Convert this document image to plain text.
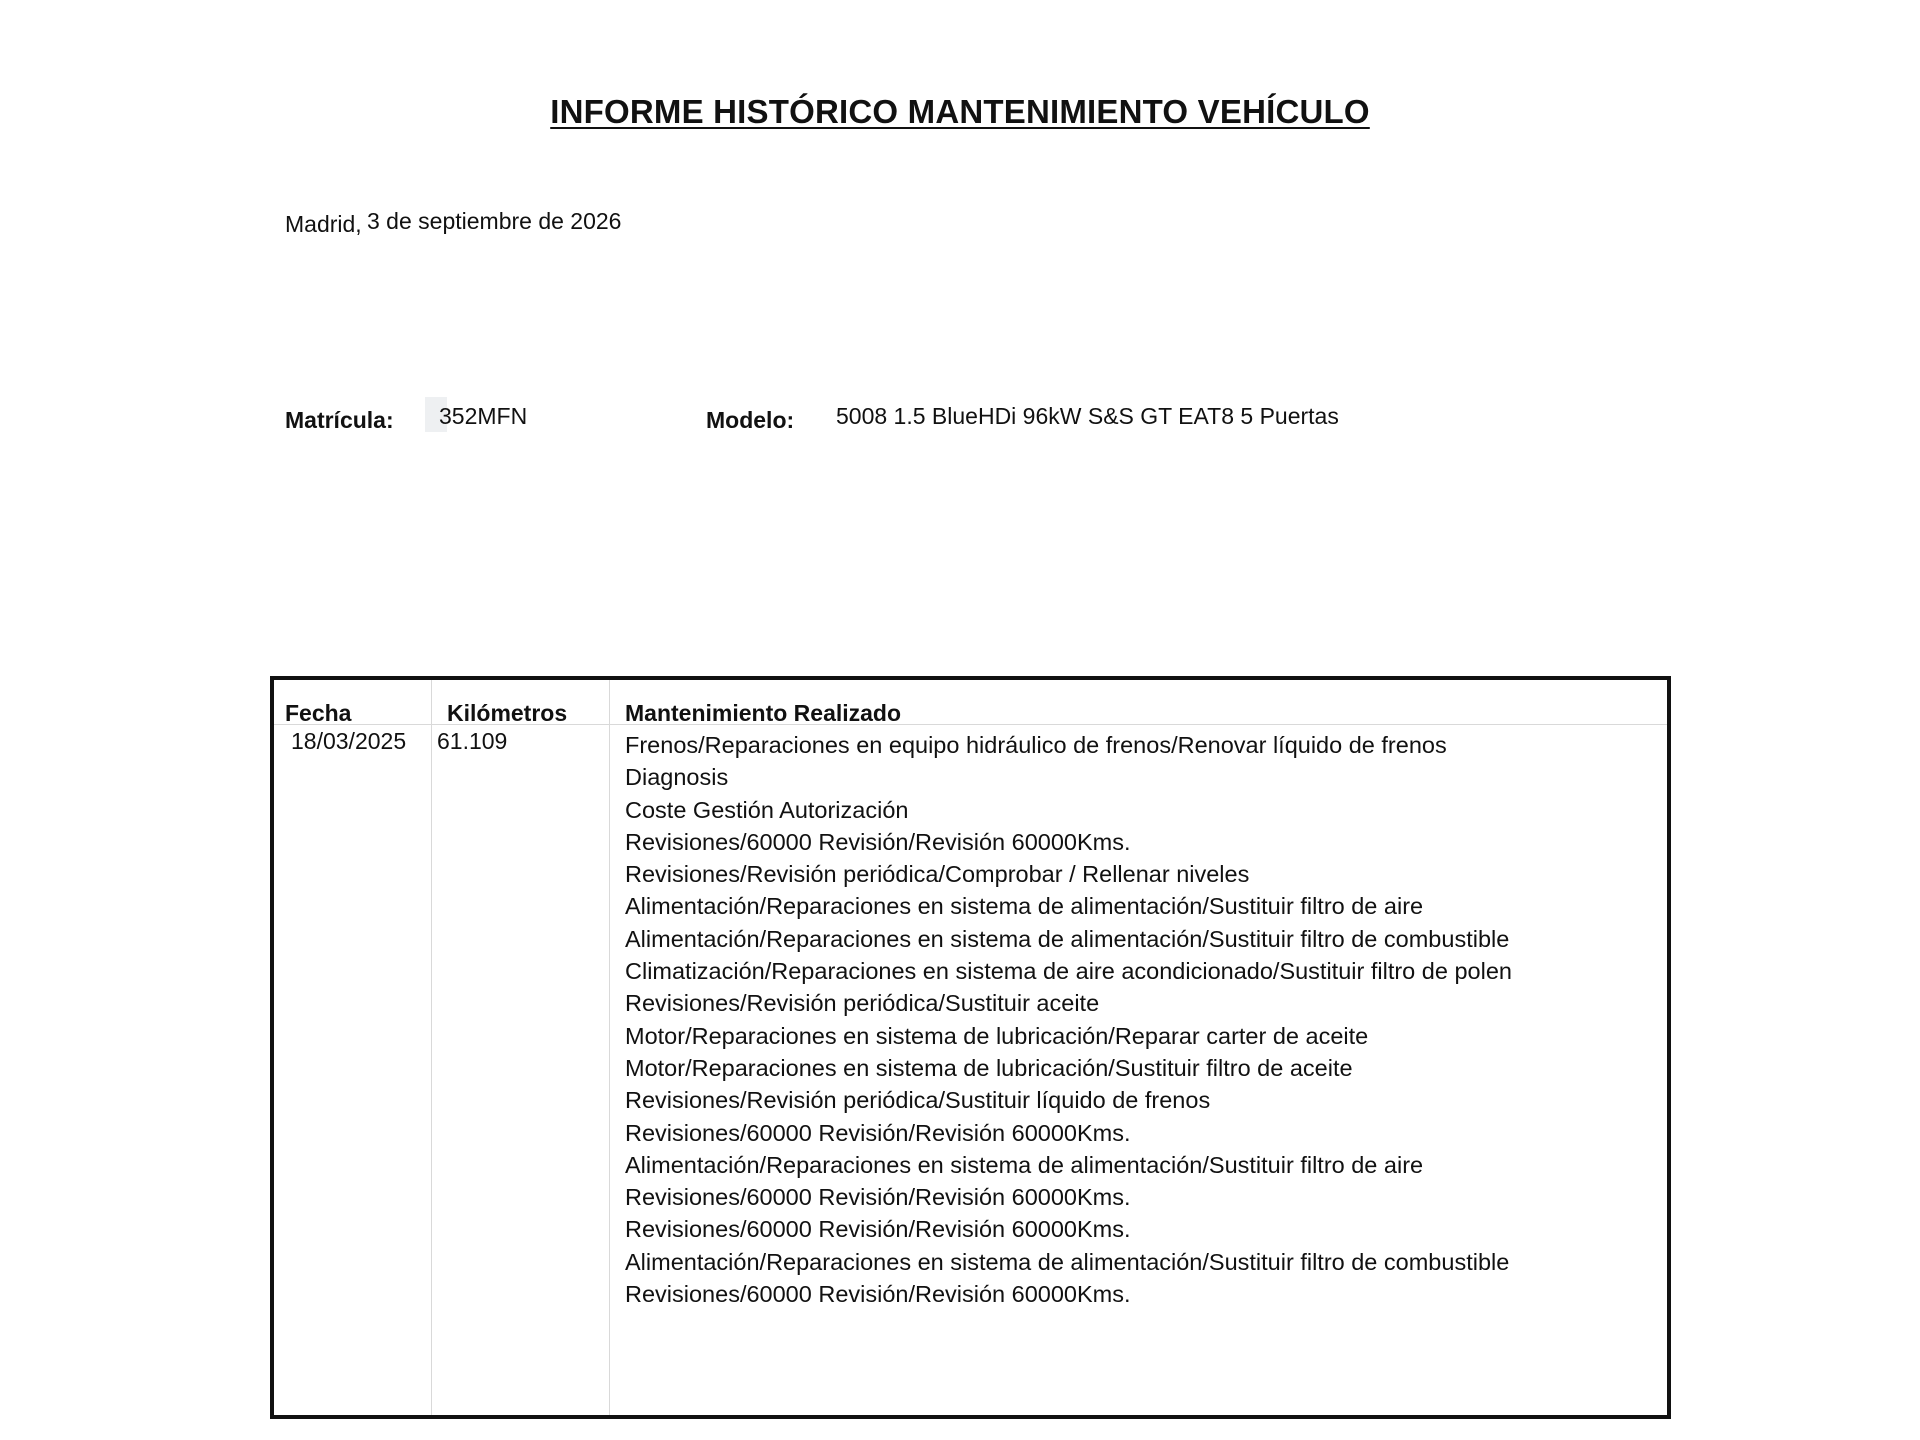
INFORME HISTÓRICO MANTENIMIENTO VEHÍCULO
Madrid, 3 de septiembre de 2026
Matrícula: 352MFN	Modelo: 5008 1.5 BlueHDi 96kW S&S GT EAT8 5 Puertas
Fecha	Kilómetros	Mantenimiento Realizado
18/03/2025 61.109	Frenos/Reparaciones en equipo hidráulico de frenos/Renovar líquido de frenos
Diagnosis
Coste Gestión Autorización
Revisiones/60000 Revisión/Revisión 60000Kms.
Revisiones/Revisión periódica/Comprobar / Rellenar niveles
Alimentación/Reparaciones en sistema de alimentación/Sustituir filtro de aire
Alimentación/Reparaciones en sistema de alimentación/Sustituir filtro de combustible
Climatización/Reparaciones en sistema de aire acondicionado/Sustituir filtro de polen
Revisiones/Revisión periódica/Sustituir aceite
Motor/Reparaciones en sistema de lubricación/Reparar carter de aceite
Motor/Reparaciones en sistema de lubricación/Sustituir filtro de aceite
Revisiones/Revisión periódica/Sustituir líquido de frenos
Revisiones/60000 Revisión/Revisión 60000Kms.
Alimentación/Reparaciones en sistema de alimentación/Sustituir filtro de aire
Revisiones/60000 Revisión/Revisión 60000Kms.
Revisiones/60000 Revisión/Revisión 60000Kms.
Alimentación/Reparaciones en sistema de alimentación/Sustituir filtro de combustible
Revisiones/60000 Revisión/Revisión 60000Kms.
